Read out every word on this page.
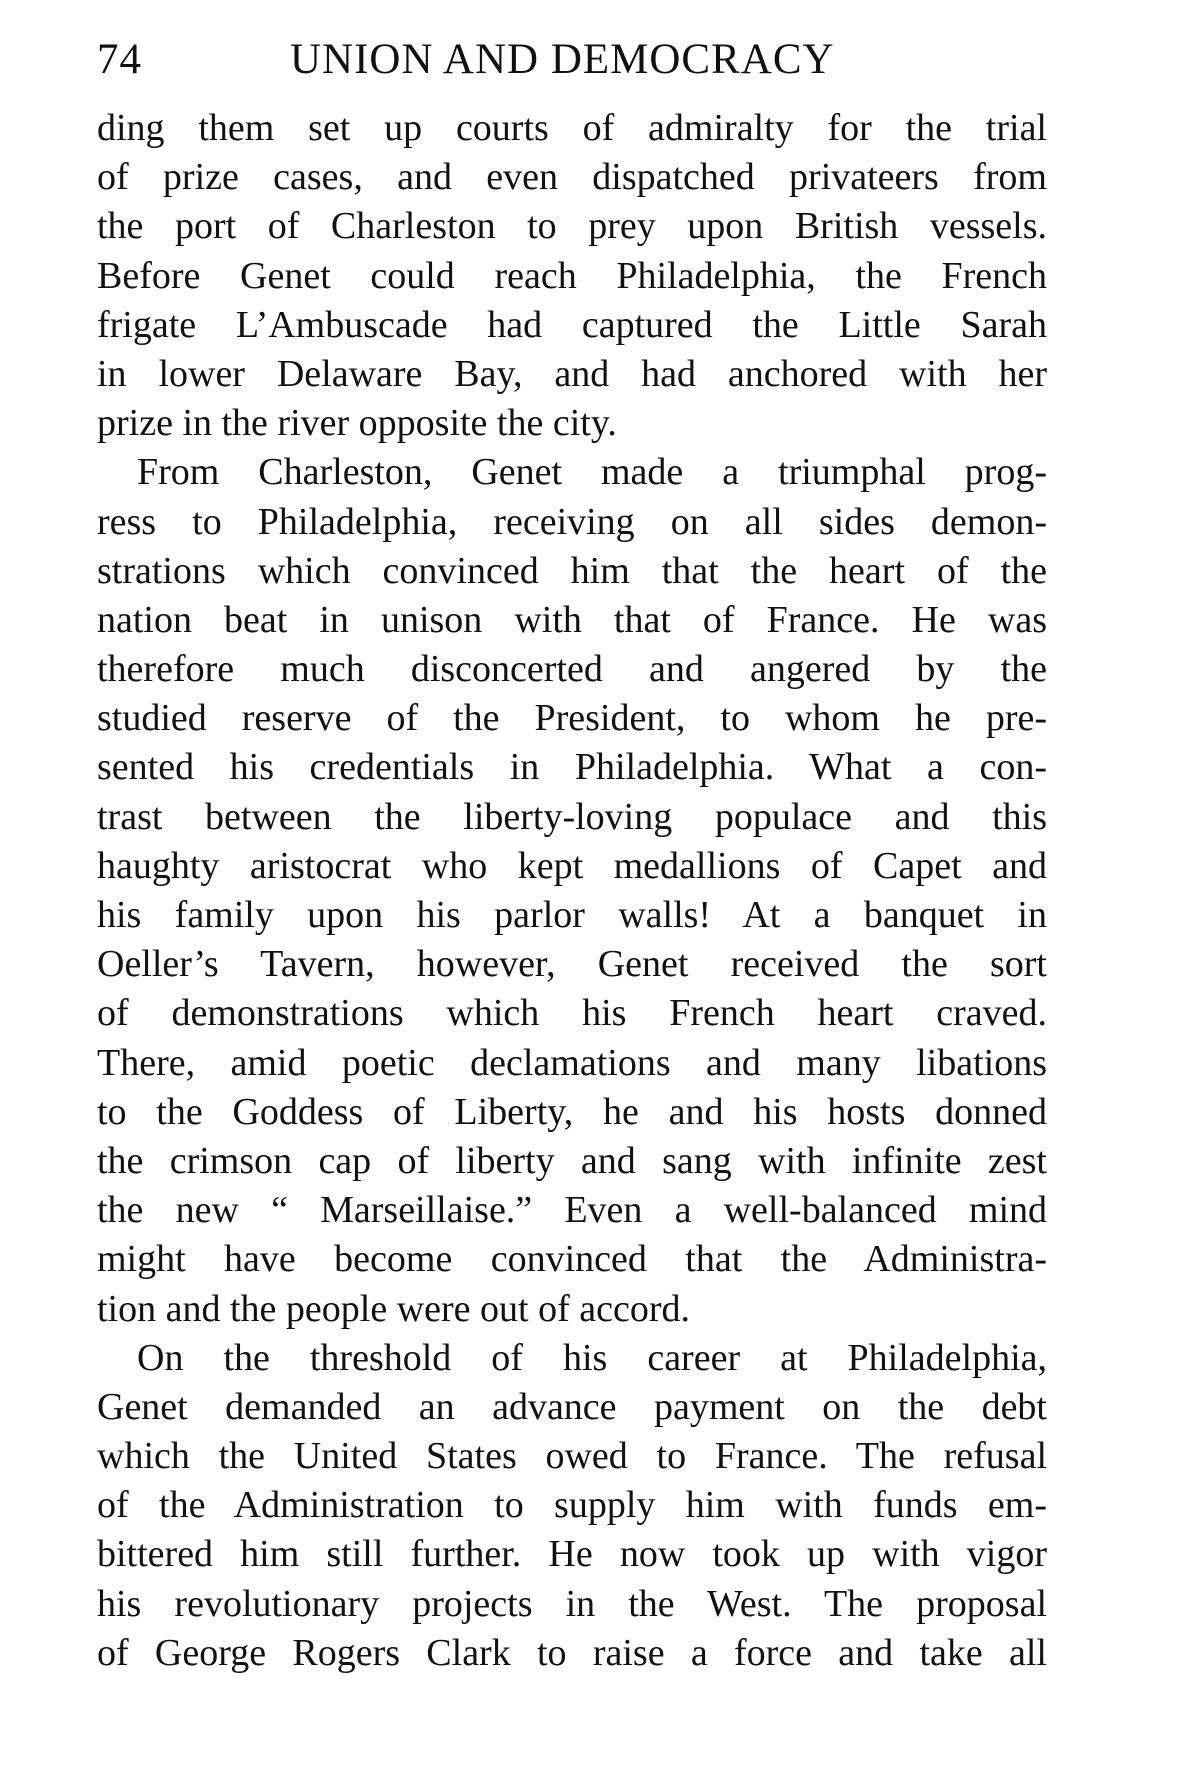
74	UNION AND DEMOCRACY
ding them set up courts of admiralty for the trial
of prize cases, and even dispatched privateers from
the port of Charleston to prey upon British vessels.
Before Genet could reach Philadelphia, the French
frigate L’Ambuscade had captured the Little Sarah
in lower Delaware Bay, and had anchored with her
prize in the river opposite the city.
From Charleston, Genet made a triumphal prog-
ress to Philadelphia, receiving on all sides demon-
strations which convinced him that the heart of the
nation beat in unison with that of France. He was
therefore much disconcerted and angered by the
studied reserve of the President, to whom he pre-
sented his credentials in Philadelphia. What a con-
trast between the liberty-loving populace and this
haughty aristocrat who kept medallions of Capet and
his family upon his parlor walls! At a banquet in
Oeller’s Tavern, however, Genet received the sort
of demonstrations which his French heart craved.
There, amid poetic declamations and many libations
to the Goddess of Liberty, he and his hosts donned
the crimson cap of liberty and sang with infinite zest
the new “ Marseillaise.” Even a well-balanced mind
might have become convinced that the Administra-
tion and the people were out of accord.
On the threshold of his career at Philadelphia,
Genet demanded an advance payment on the debt
which the United States owed to France. The refusal
of the Administration to supply him with funds em-
bittered him still further. He now took up with vigor
his revolutionary projects in the West. The proposal
of George Rogers Clark to raise a force and take all
